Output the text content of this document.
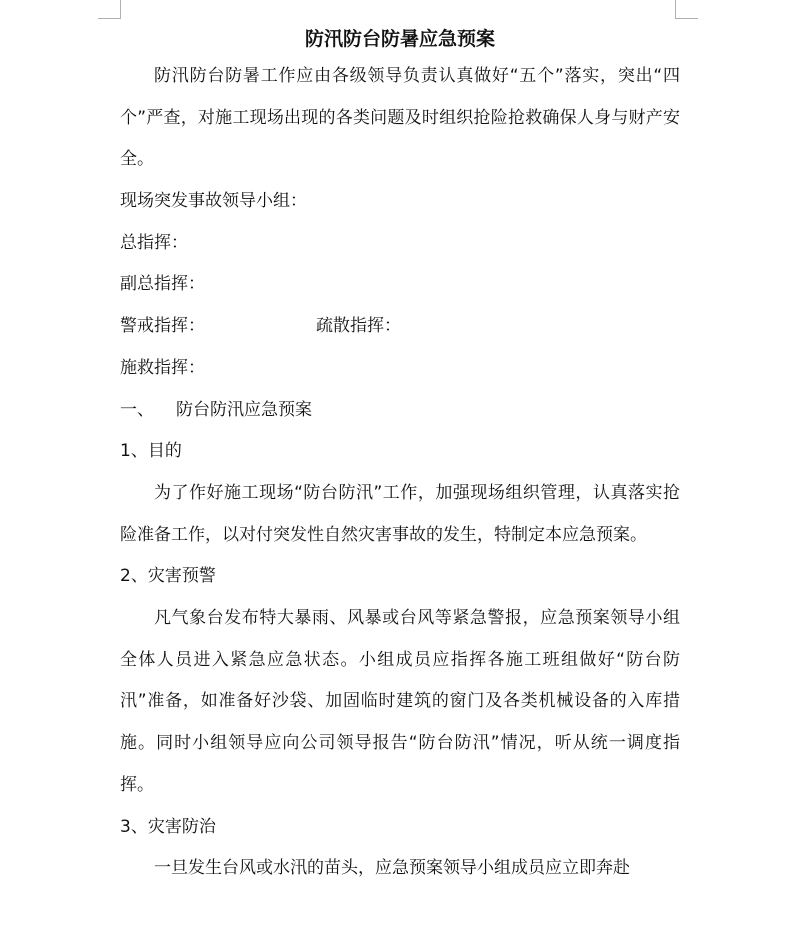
防汛防台防暑应急预案

防汛防台防暑工作应由各级领导负责认真做好“五个”落实，突出“四个”严查，对施工现场出现的各类问题及时组织抢险抢救确保人身与财产安全。

现场突发事故领导小组：
总指挥：
副总指挥：
警戒指挥：	疏散指挥：
施救指挥：
一、 防台防汛应急预案
1、目的

为了作好施工现场“防台防汛”工作，加强现场组织管理，认真落实抢险准备工作，以对付突发性自然灾害事故的发生，特制定本应急预案。

2、灾害预警

凡气象台发布特大暴雨、风暴或台风等紧急警报，应急预案领导小组全体人员进入紧急应急状态。小组成员应指挥各施工班组做好“防台防汛”准备，如准备好沙袋、加固临时建筑的窗门及各类机械设备的入库措施。同时小组领导应向公司领导报告“防台防汛”情况，听从统一调度指挥。

3、灾害防治

一旦发生台风或水汛的苗头，应急预案领导小组成员应立即奔赴
